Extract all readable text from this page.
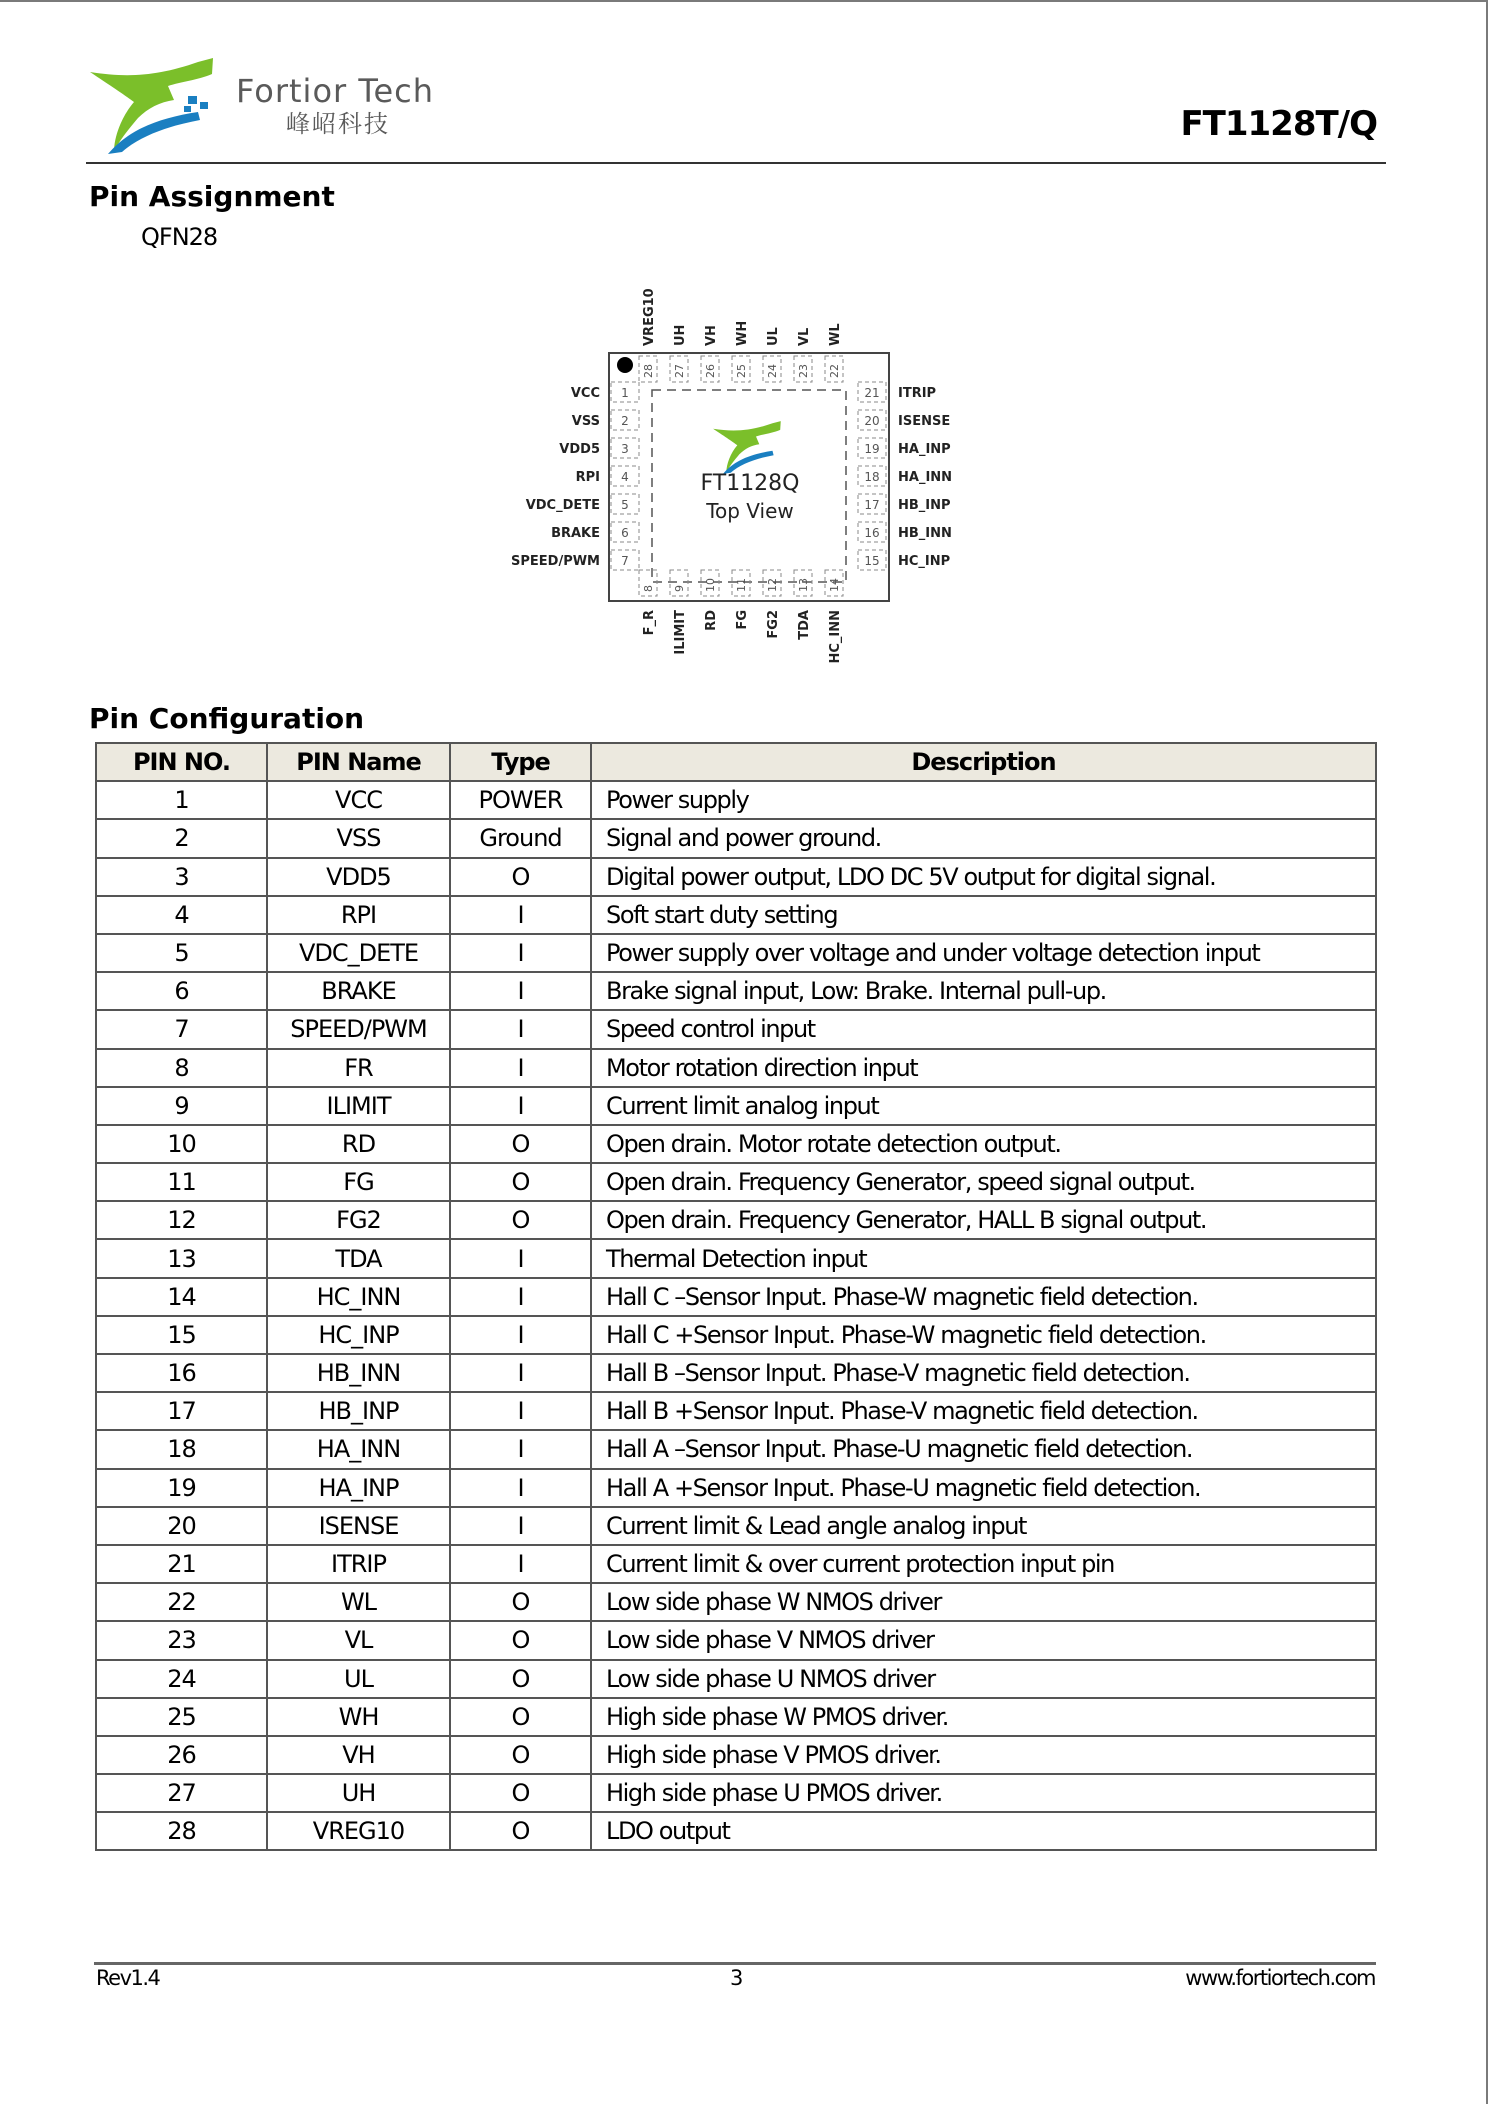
Fortior Tech
峰岹科技	FT1128T/Q
Pin Assignment
QFN28
FT1128Q
Top View
1
VCC
2
VSS
3
VDD5
4
RPI
5
VDC_DETE
6
BRAKE
7
SPEED/PWM	15 HC_INP
16 HB_INN
17 HB_INP
18 HA_INN
19 HA_INP
20 ISENSE
21 ITRIP
22
WL
23
VL
24
UL
25
WH
26
VH
27
UH
28
VREG10
8
F_R
9
ILIMIT
10
RD
11
FG
12
FG2
13
TDA
14
HC_INN
Pin Configuration
PIN NO.	PIN Name	Type	Description
1	VCC	POWER	Power supply
2	VSS	Ground	Signal and power ground.
3	VDD5	O	Digital power output, LDO DC 5V output for digital signal.
4	RPI	I	Soft start duty setting
5	VDC_DETE	I	Power supply over voltage and under voltage detection input
6	BRAKE	I	Brake signal input, Low: Brake. Internal pull-up.
7	SPEED/PWM	I	Speed control input
8	FR	I	Motor rotation direction input
9	ILIMIT	I	Current limit analog input
10	RD	O	Open drain. Motor rotate detection output.
11	FG	O	Open drain. Frequency Generator, speed signal output.
12	FG2	O	Open drain. Frequency Generator, HALL B signal output.
13	TDA	I	Thermal Detection input
14	HC_INN	I	Hall C –Sensor Input. Phase-W magnetic field detection.
15	HC_INP	I	Hall C +Sensor Input. Phase-W magnetic field detection.
16	HB_INN	I	Hall B –Sensor Input. Phase-V magnetic field detection.
17	HB_INP	I	Hall B +Sensor Input. Phase-V magnetic field detection.
18	HA_INN	I	Hall A –Sensor Input. Phase-U magnetic field detection.
19	HA_INP	I	Hall A +Sensor Input. Phase-U magnetic field detection.
20	ISENSE	I	Current limit & Lead angle analog input
21	ITRIP	I	Current limit & over current protection input pin
22	WL	O	Low side phase W NMOS driver
23	VL	O	Low side phase V NMOS driver
24	UL	O	Low side phase U NMOS driver
25	WH	O	High side phase W PMOS driver.
26	VH	O	High side phase V PMOS driver.
27	UH	O	High side phase U PMOS driver.
28	VREG10	O	LDO output
Rev1.4	3	www.fortiortech.com
